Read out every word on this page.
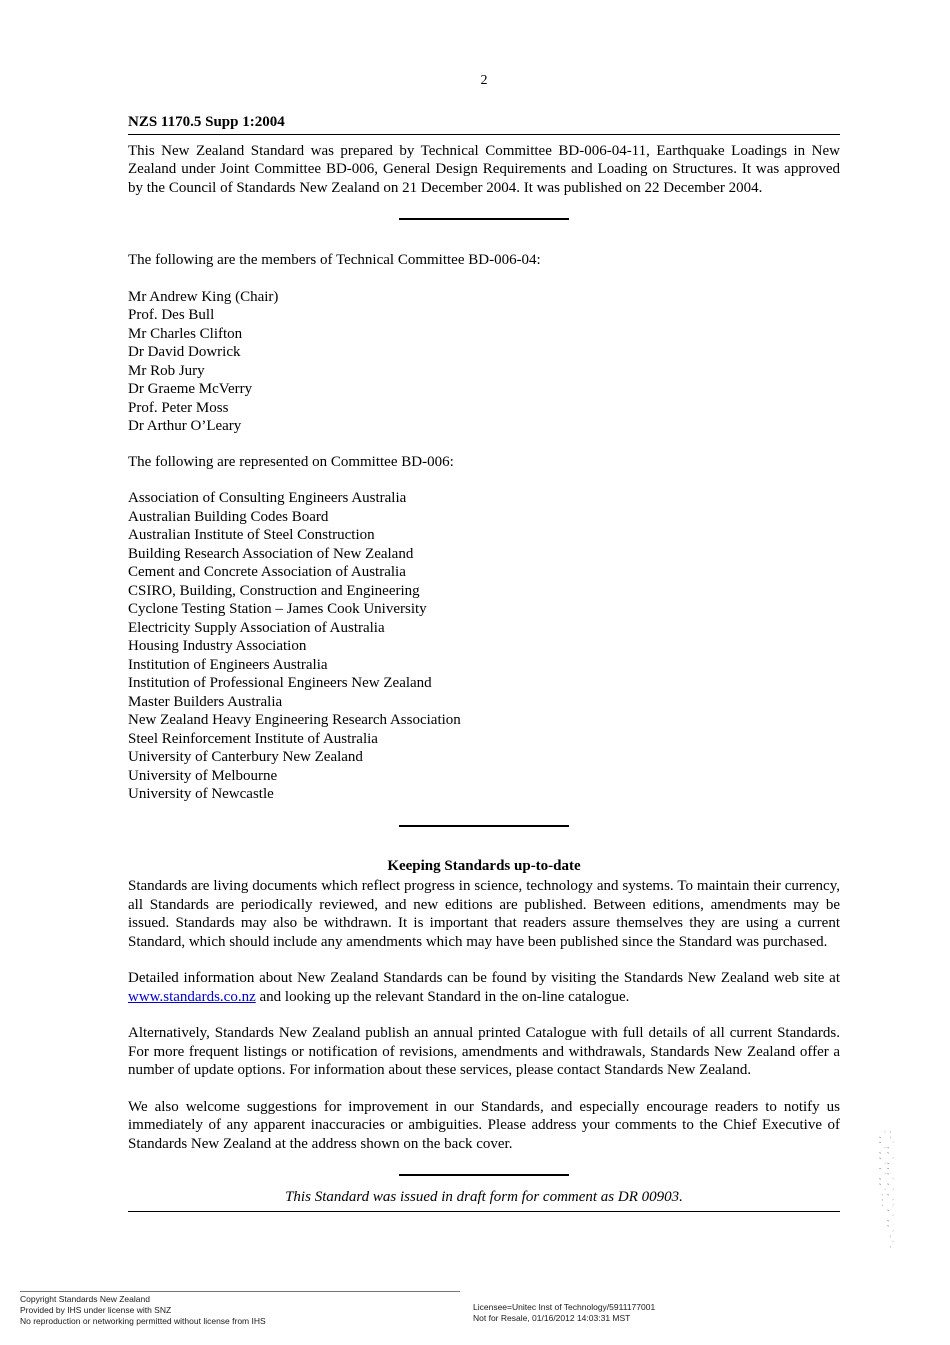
2
NZS 1170.5 Supp 1:2004

This New Zealand Standard was prepared by Technical Committee BD-006-04-11, Earthquake Loadings in New Zealand under Joint Committee BD-006, General Design Requirements and Loading on Structures. It was approved by the Council of Standards New Zealand on 21 December 2004. It was published on 22 December 2004.

The following are the members of Technical Committee BD-006-04:
Mr Andrew King (Chair)
Prof. Des Bull
Mr Charles Clifton
Dr David Dowrick
Mr Rob Jury
Dr Graeme McVerry
Prof. Peter Moss
Dr Arthur O’Leary
The following are represented on Committee BD-006:
Association of Consulting Engineers Australia
Australian Building Codes Board
Australian Institute of Steel Construction
Building Research Association of New Zealand
Cement and Concrete Association of Australia
CSIRO, Building, Construction and Engineering
Cyclone Testing Station – James Cook University
Electricity Supply Association of Australia
Housing Industry Association
Institution of Engineers Australia
Institution of Professional Engineers New Zealand
Master Builders Australia
New Zealand Heavy Engineering Research Association
Steel Reinforcement Institute of Australia
University of Canterbury New Zealand
University of Melbourne
University of Newcastle
Keeping Standards up-to-date

Standards are living documents which reflect progress in science, technology and systems. To maintain their currency, all Standards are periodically reviewed, and new editions are published. Between editions, amendments may be issued. Standards may also be withdrawn. It is important that readers assure themselves they are using a current Standard, which should include any amendments which may have been published since the Standard was purchased.

Detailed information about New Zealand Standards can be found by visiting the Standards New Zealand web site at www.standards.co.nz and looking up the relevant Standard in the on-line catalogue.

Alternatively, Standards New Zealand publish an annual printed Catalogue with full details of all current Standards. For more frequent listings or notification of revisions, amendments and withdrawals, Standards New Zealand offer a number of update options. For information about these services, please contact Standards New Zealand.

We also welcome suggestions for improvement in our Standards, and especially encourage readers to notify us immediately of any apparent inaccuracies or ambiguities. Please address your comments to the Chief Executive of Standards New Zealand at the address shown on the back cover.

This Standard was issued in draft form for comment as DR 00903.
Copyright Standards New Zealand
Provided by IHS under license with SNZ
No reproduction or networking permitted without license from IHS
Licensee=Unitec Inst of Technology/5911177001
Not for Resale, 01/16/2012 14:03:31 MST
--`,,`,,,`,`,``,`,,`-`-`,,`,,`,`,,`---
